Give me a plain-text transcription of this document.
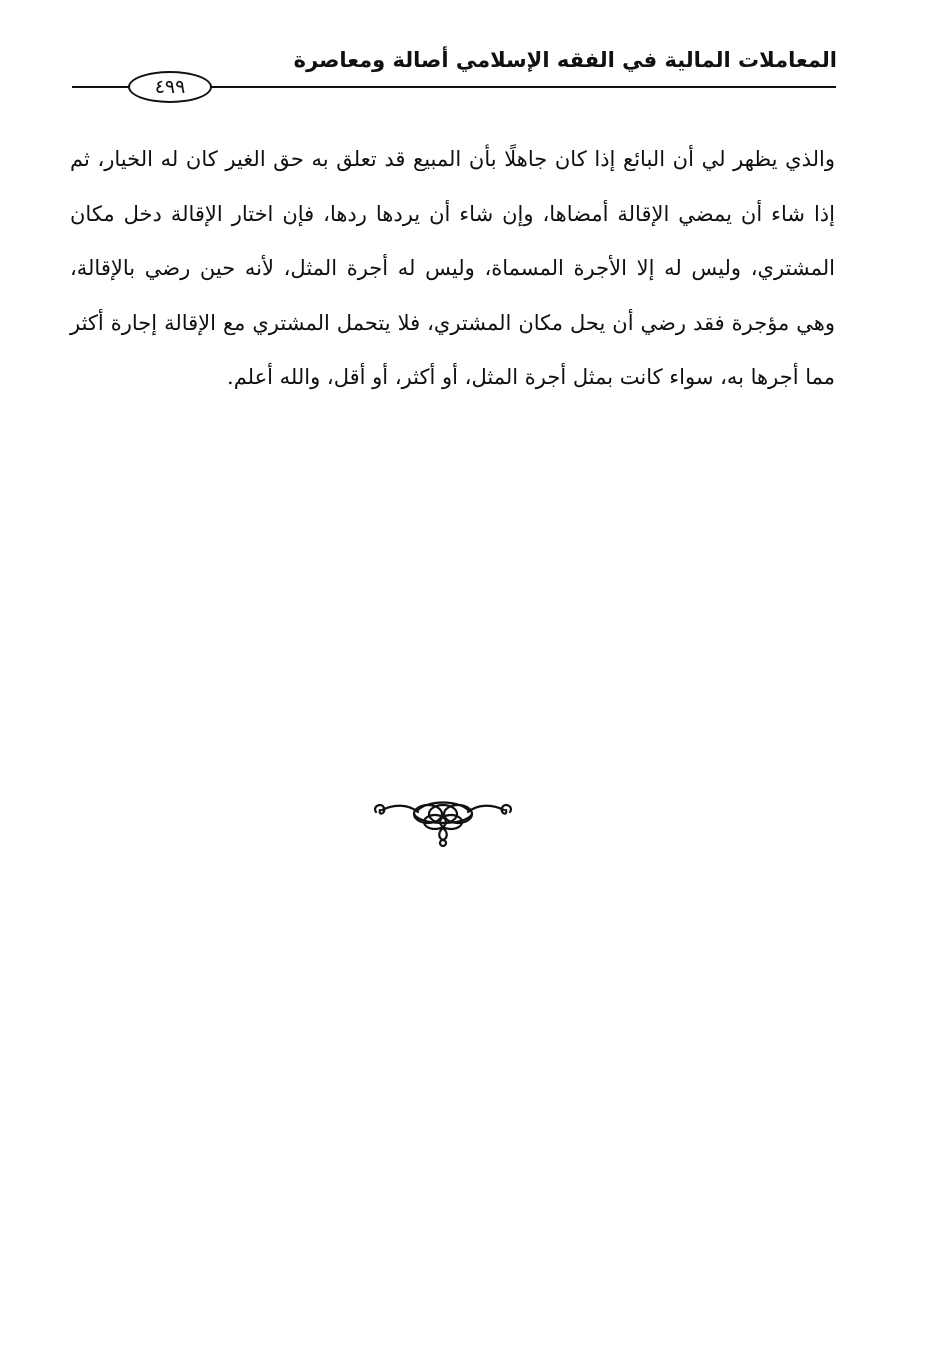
المعاملات المالية في الفقه الإسلامي أصالة ومعاصرة
٤٩٩

والذي يظهر لي أن البائع إذا كان جاهلًا بأن المبيع قد تعلق به حق الغير كان له الخيار، ثم إذا شاء أن يمضي الإقالة أمضاها، وإن شاء أن يردها ردها، فإن اختار الإقالة دخل مكان المشتري، وليس له إلا الأجرة المسماة، وليس له أجرة المثل، لأنه حين رضي بالإقالة، وهي مؤجرة فقد رضي أن يحل مكان المشتري، فلا يتحمل المشتري مع الإقالة إجارة أكثر مما أجرها به، سواء كانت بمثل أجرة المثل، أو أكثر، أو أقل، والله أعلم.
